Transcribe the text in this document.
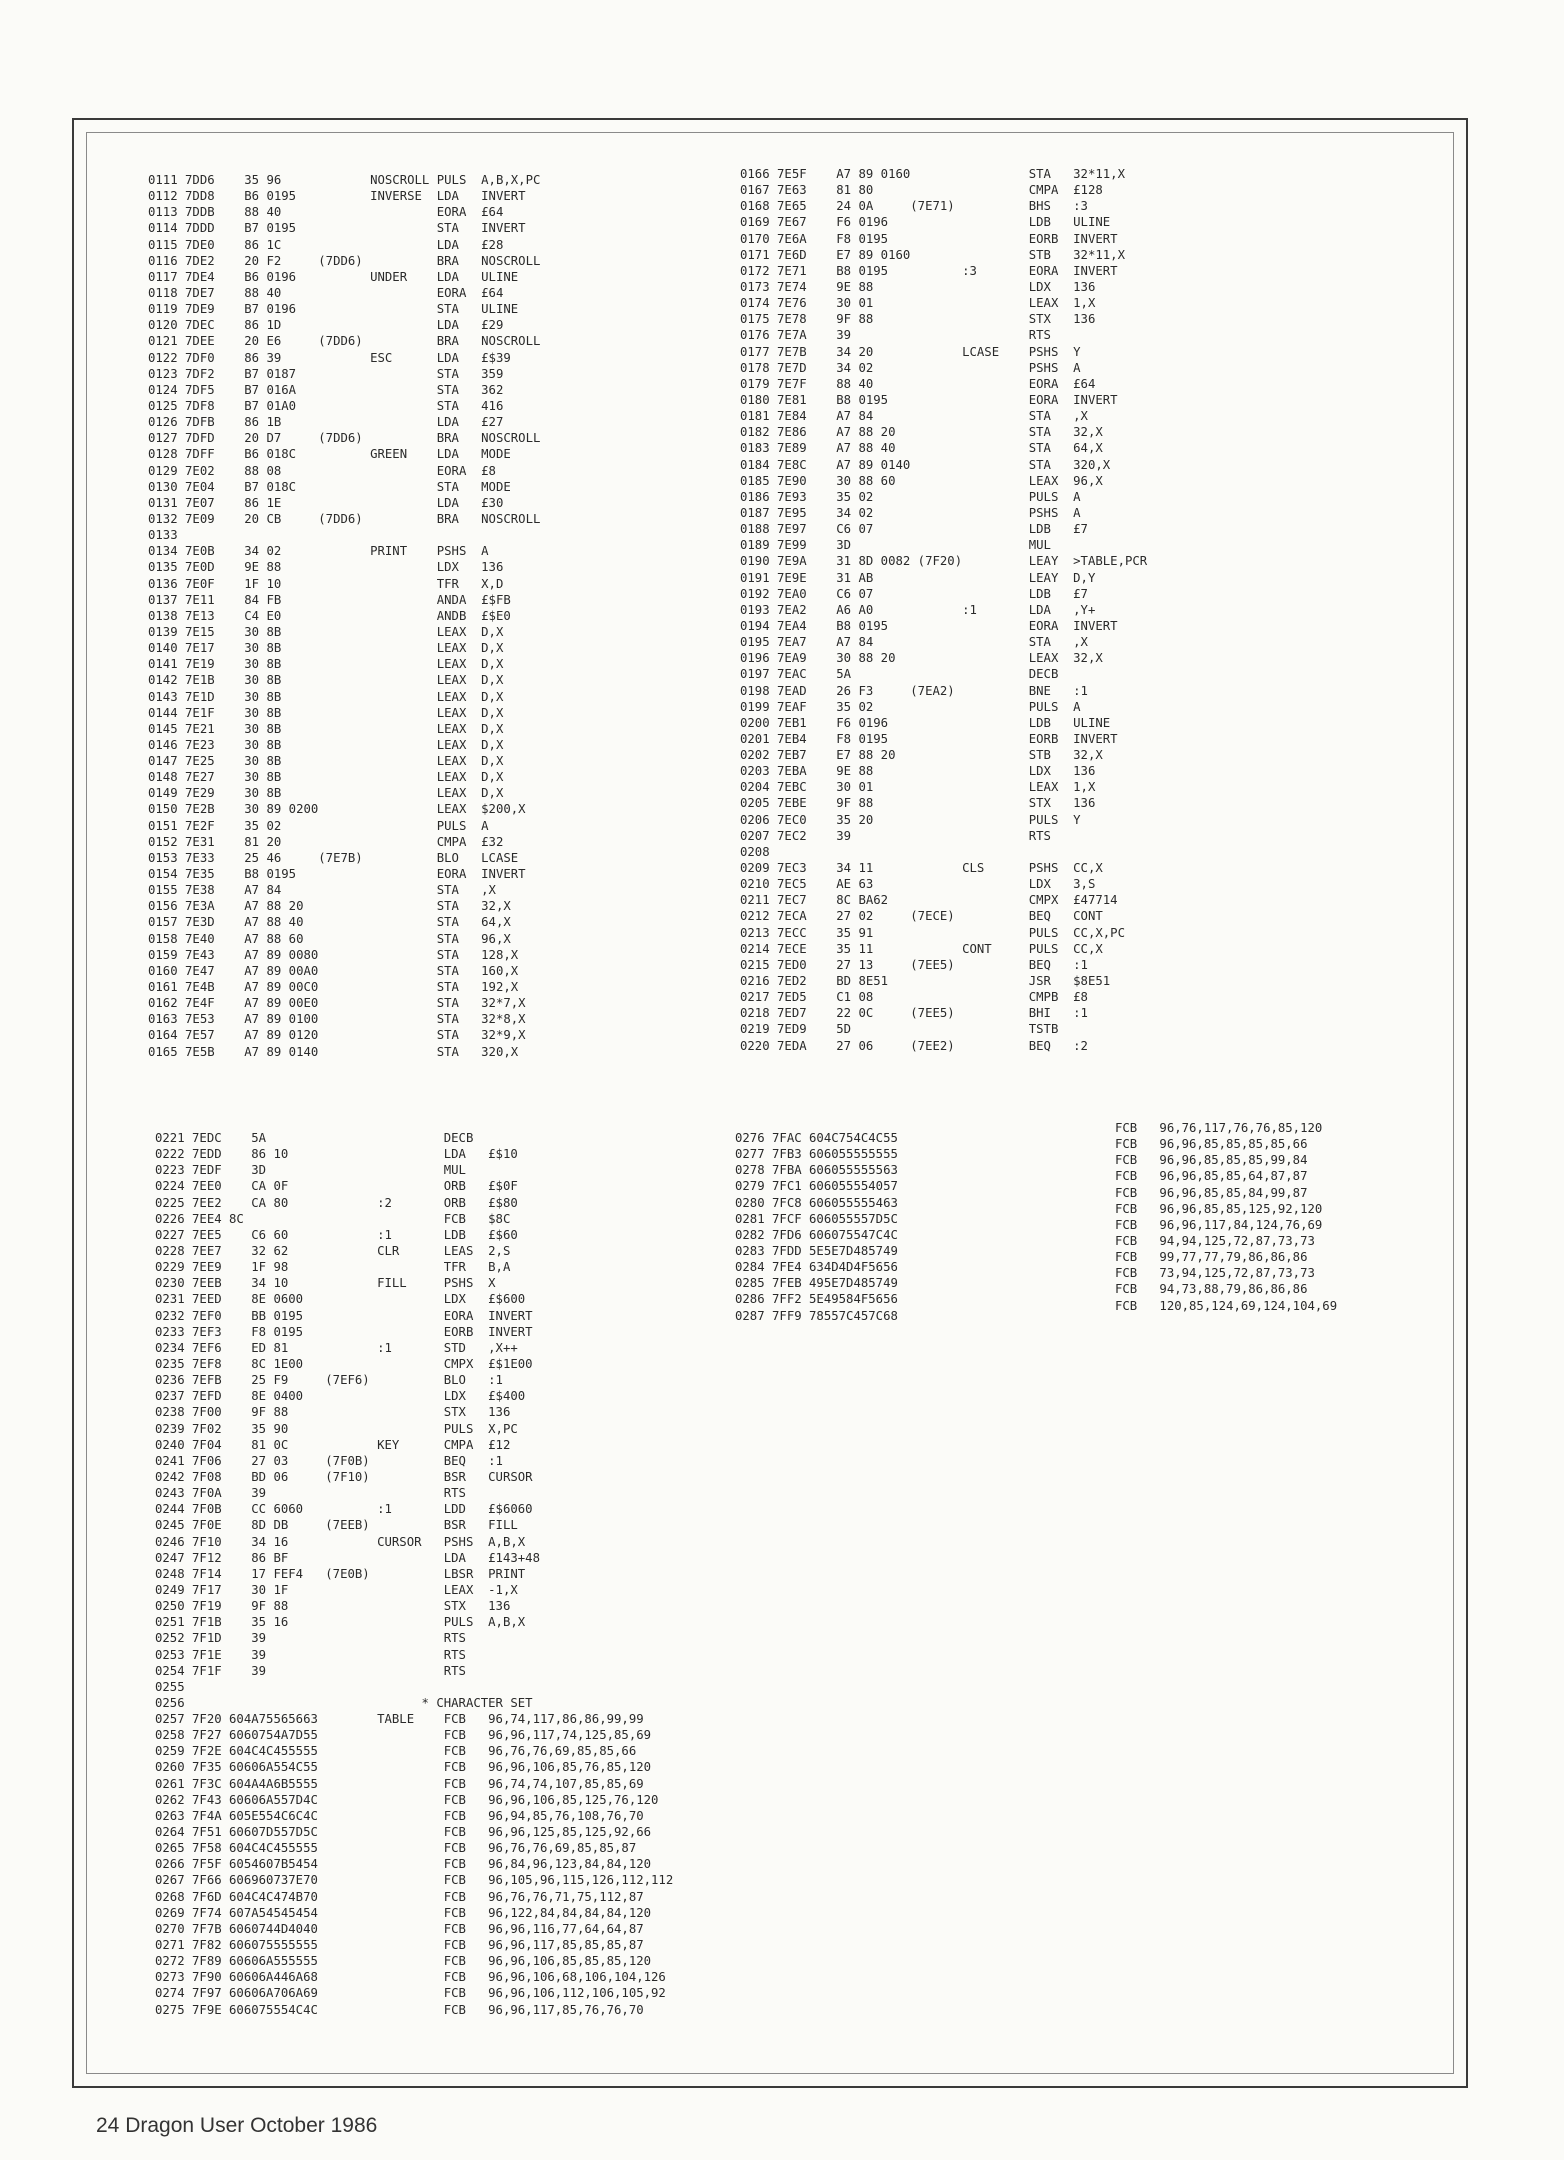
0111 7DD6    35 96            NOSCROLL PULS  A,B,X,PC
0112 7DD8    B6 0195          INVERSE  LDA   INVERT
0113 7DDB    88 40                     EORA  £64
0114 7DDD    B7 0195                   STA   INVERT
0115 7DE0    86 1C                     LDA   £28
0116 7DE2    20 F2     (7DD6)          BRA   NOSCROLL
0117 7DE4    B6 0196          UNDER    LDA   ULINE
0118 7DE7    88 40                     EORA  £64
0119 7DE9    B7 0196                   STA   ULINE
0120 7DEC    86 1D                     LDA   £29
0121 7DEE    20 E6     (7DD6)          BRA   NOSCROLL
0122 7DF0    86 39            ESC      LDA   £$39
0123 7DF2    B7 0187                   STA   359
0124 7DF5    B7 016A                   STA   362
0125 7DF8    B7 01A0                   STA   416
0126 7DFB    86 1B                     LDA   £27
0127 7DFD    20 D7     (7DD6)          BRA   NOSCROLL
0128 7DFF    B6 018C          GREEN    LDA   MODE
0129 7E02    88 08                     EORA  £8
0130 7E04    B7 018C                   STA   MODE
0131 7E07    86 1E                     LDA   £30
0132 7E09    20 CB     (7DD6)          BRA   NOSCROLL
0133
0134 7E0B    34 02            PRINT    PSHS  A
0135 7E0D    9E 88                     LDX   136
0136 7E0F    1F 10                     TFR   X,D
0137 7E11    84 FB                     ANDA  £$FB
0138 7E13    C4 E0                     ANDB  £$E0
0139 7E15    30 8B                     LEAX  D,X
0140 7E17    30 8B                     LEAX  D,X
0141 7E19    30 8B                     LEAX  D,X
0142 7E1B    30 8B                     LEAX  D,X
0143 7E1D    30 8B                     LEAX  D,X
0144 7E1F    30 8B                     LEAX  D,X
0145 7E21    30 8B                     LEAX  D,X
0146 7E23    30 8B                     LEAX  D,X
0147 7E25    30 8B                     LEAX  D,X
0148 7E27    30 8B                     LEAX  D,X
0149 7E29    30 8B                     LEAX  D,X
0150 7E2B    30 89 0200                LEAX  $200,X
0151 7E2F    35 02                     PULS  A
0152 7E31    81 20                     CMPA  £32
0153 7E33    25 46     (7E7B)          BLO   LCASE
0154 7E35    B8 0195                   EORA  INVERT
0155 7E38    A7 84                     STA   ,X
0156 7E3A    A7 88 20                  STA   32,X
0157 7E3D    A7 88 40                  STA   64,X
0158 7E40    A7 88 60                  STA   96,X
0159 7E43    A7 89 0080                STA   128,X
0160 7E47    A7 89 00A0                STA   160,X
0161 7E4B    A7 89 00C0                STA   192,X
0162 7E4F    A7 89 00E0                STA   32*7,X
0163 7E53    A7 89 0100                STA   32*8,X
0164 7E57    A7 89 0120                STA   32*9,X
0165 7E5B    A7 89 0140                STA   320,X
0166 7E5F    A7 89 0160                STA   32*11,X
0167 7E63    81 80                     CMPA  £128
0168 7E65    24 0A     (7E71)          BHS   :3
0169 7E67    F6 0196                   LDB   ULINE
0170 7E6A    F8 0195                   EORB  INVERT
0171 7E6D    E7 89 0160                STB   32*11,X
0172 7E71    B8 0195          :3       EORA  INVERT
0173 7E74    9E 88                     LDX   136
0174 7E76    30 01                     LEAX  1,X
0175 7E78    9F 88                     STX   136
0176 7E7A    39                        RTS
0177 7E7B    34 20            LCASE    PSHS  Y
0178 7E7D    34 02                     PSHS  A
0179 7E7F    88 40                     EORA  £64
0180 7E81    B8 0195                   EORA  INVERT
0181 7E84    A7 84                     STA   ,X
0182 7E86    A7 88 20                  STA   32,X
0183 7E89    A7 88 40                  STA   64,X
0184 7E8C    A7 89 0140                STA   320,X
0185 7E90    30 88 60                  LEAX  96,X
0186 7E93    35 02                     PULS  A
0187 7E95    34 02                     PSHS  A
0188 7E97    C6 07                     LDB   £7
0189 7E99    3D                        MUL
0190 7E9A    31 8D 0082 (7F20)         LEAY  >TABLE,PCR
0191 7E9E    31 AB                     LEAY  D,Y
0192 7EA0    C6 07                     LDB   £7
0193 7EA2    A6 A0            :1       LDA   ,Y+
0194 7EA4    B8 0195                   EORA  INVERT
0195 7EA7    A7 84                     STA   ,X
0196 7EA9    30 88 20                  LEAX  32,X
0197 7EAC    5A                        DECB
0198 7EAD    26 F3     (7EA2)          BNE   :1
0199 7EAF    35 02                     PULS  A
0200 7EB1    F6 0196                   LDB   ULINE
0201 7EB4    F8 0195                   EORB  INVERT
0202 7EB7    E7 88 20                  STB   32,X
0203 7EBA    9E 88                     LDX   136
0204 7EBC    30 01                     LEAX  1,X
0205 7EBE    9F 88                     STX   136
0206 7EC0    35 20                     PULS  Y
0207 7EC2    39                        RTS
0208
0209 7EC3    34 11            CLS      PSHS  CC,X
0210 7EC5    AE 63                     LDX   3,S
0211 7EC7    8C BA62                   CMPX  £47714
0212 7ECA    27 02     (7ECE)          BEQ   CONT
0213 7ECC    35 91                     PULS  CC,X,PC
0214 7ECE    35 11            CONT     PULS  CC,X
0215 7ED0    27 13     (7EE5)          BEQ   :1
0216 7ED2    BD 8E51                   JSR   $8E51
0217 7ED5    C1 08                     CMPB  £8
0218 7ED7    22 0C     (7EE5)          BHI   :1
0219 7ED9    5D                        TSTB
0220 7EDA    27 06     (7EE2)          BEQ   :2
0221 7EDC    5A                        DECB
0222 7EDD    86 10                     LDA   £$10
0223 7EDF    3D                        MUL
0224 7EE0    CA 0F                     ORB   £$0F
0225 7EE2    CA 80            :2       ORB   £$80
0226 7EE4 8C                           FCB   $8C
0227 7EE5    C6 60            :1       LDB   £$60
0228 7EE7    32 62            CLR      LEAS  2,S
0229 7EE9    1F 98                     TFR   B,A
0230 7EEB    34 10            FILL     PSHS  X
0231 7EED    8E 0600                   LDX   £$600
0232 7EF0    BB 0195                   EORA  INVERT
0233 7EF3    F8 0195                   EORB  INVERT
0234 7EF6    ED 81            :1       STD   ,X++
0235 7EF8    8C 1E00                   CMPX  £$1E00
0236 7EFB    25 F9     (7EF6)          BLO   :1
0237 7EFD    8E 0400                   LDX   £$400
0238 7F00    9F 88                     STX   136
0239 7F02    35 90                     PULS  X,PC
0240 7F04    81 0C            KEY      CMPA  £12
0241 7F06    27 03     (7F0B)          BEQ   :1
0242 7F08    BD 06     (7F10)          BSR   CURSOR
0243 7F0A    39                        RTS
0244 7F0B    CC 6060          :1       LDD   £$6060
0245 7F0E    8D DB     (7EEB)          BSR   FILL
0246 7F10    34 16            CURSOR   PSHS  A,B,X
0247 7F12    86 BF                     LDA   £143+48
0248 7F14    17 FEF4   (7E0B)          LBSR  PRINT
0249 7F17    30 1F                     LEAX  -1,X
0250 7F19    9F 88                     STX   136
0251 7F1B    35 16                     PULS  A,B,X
0252 7F1D    39                        RTS
0253 7F1E    39                        RTS
0254 7F1F    39                        RTS
0255
0256                                * CHARACTER SET
0257 7F20 604A75565663        TABLE    FCB   96,74,117,86,86,99,99
0258 7F27 6060754A7D55                 FCB   96,96,117,74,125,85,69
0259 7F2E 604C4C455555                 FCB   96,76,76,69,85,85,66
0260 7F35 60606A554C55                 FCB   96,96,106,85,76,85,120
0261 7F3C 604A4A6B5555                 FCB   96,74,74,107,85,85,69
0262 7F43 60606A557D4C                 FCB   96,96,106,85,125,76,120
0263 7F4A 605E554C6C4C                 FCB   96,94,85,76,108,76,70
0264 7F51 60607D557D5C                 FCB   96,96,125,85,125,92,66
0265 7F58 604C4C455555                 FCB   96,76,76,69,85,85,87
0266 7F5F 6054607B5454                 FCB   96,84,96,123,84,84,120
0267 7F66 606960737E70                 FCB   96,105,96,115,126,112,112
0268 7F6D 604C4C474B70                 FCB   96,76,76,71,75,112,87
0269 7F74 607A54545454                 FCB   96,122,84,84,84,84,120
0270 7F7B 6060744D4040                 FCB   96,96,116,77,64,64,87
0271 7F82 606075555555                 FCB   96,96,117,85,85,85,87
0272 7F89 60606A555555                 FCB   96,96,106,85,85,85,120
0273 7F90 60606A446A68                 FCB   96,96,106,68,106,104,126
0274 7F97 60606A706A69                 FCB   96,96,106,112,106,105,92
0275 7F9E 606075554C4C                 FCB   96,96,117,85,76,76,70
0276 7FAC 604C754C4C55
0277 7FB3 606055555555
0278 7FBA 606055555563
0279 7FC1 606055554057
0280 7FC8 606055555463
0281 7FCF 606055557D5C
0282 7FD6 606075547C4C
0283 7FDD 5E5E7D485749
0284 7FE4 634D4D4F5656
0285 7FEB 495E7D485749
0286 7FF2 5E49584F5656
0287 7FF9 78557C457C68
FCB   96,76,117,76,76,85,120
FCB   96,96,85,85,85,85,66
FCB   96,96,85,85,85,99,84
FCB   96,96,85,85,64,87,87
FCB   96,96,85,85,84,99,87
FCB   96,96,85,85,125,92,120
FCB   96,96,117,84,124,76,69
FCB   94,94,125,72,87,73,73
FCB   99,77,77,79,86,86,86
FCB   73,94,125,72,87,73,73
FCB   94,73,88,79,86,86,86
FCB   120,85,124,69,124,104,69
24 Dragon User October 1986
